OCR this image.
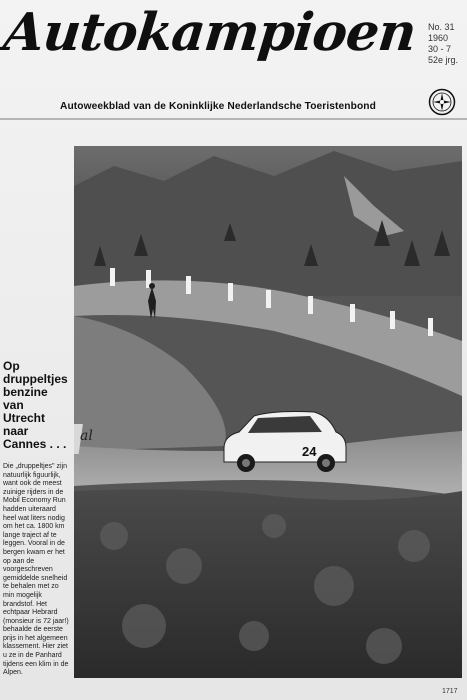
Autokampioen No. 31
1960
30 - 7
52e jrg.
Autoweekblad van de Koninklijke Nederlandsche Toeristenbond

Op druppeltjes benzine van Utrecht naar Cannes . . .

Die „druppeltjes" zijn natuurlijk figuurlijk, want ook de meest zuinige rijders in de Mobil Economy Run hadden uiteraard heel wat liters nodig om het ca. 1800 km lange traject af te leggen. Vooral in de bergen kwam er het op aan de voorgeschreven gemiddelde snelheid te behalen met zo min mogelijk brandstof. Het echtpaar Hebrard (monsieur is 72 jaar!) behaalde de eerste prijs in het algemeen klassement. Hier ziet u ze in de Panhard tijdens een klim in de Alpen.

al
24
1717
